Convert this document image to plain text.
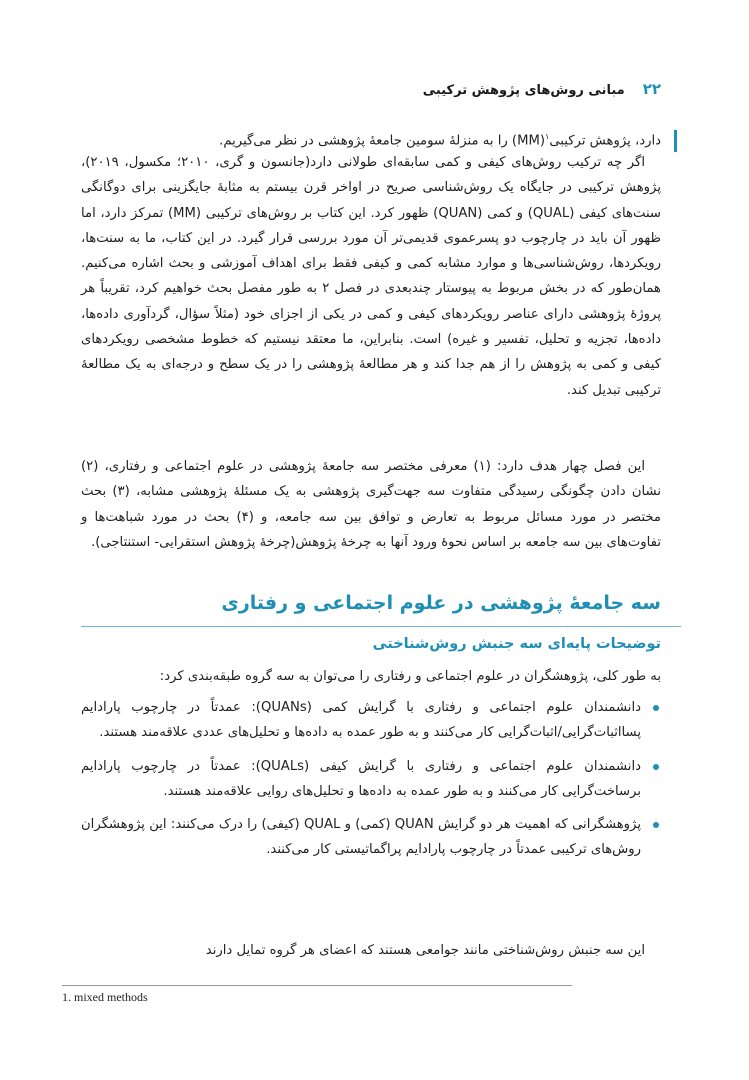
۲۲
مبانی روش‌های پژوهش ترکیبی
دارد، پژوهش ترکیبی$^۱$(MM) را به منزلهٔ سومین جامعهٔ پژوهشی در نظر می‌گیریم.
اگر چه ترکیب روش‌های کیفی و کمی سابقه‌ای طولانی دارد(جانسون و گری، ۲۰۱۰؛ مکسول، ۲۰۱۹)، پژوهش ترکیبی در جایگاه یک روش‌شناسی صریح در اواخر قرن بیستم به مثابهٔ جایگزینی برای دوگانگی سنت‌های کیفی (QUAL) و کمی (QUAN) ظهور کرد. این کتاب بر روش‌های ترکیبی (MM) تمرکز دارد، اما ظهور آن باید در چارچوب دو پسرعموی قدیمی‌تر آن مورد بررسی قرار گیرد. در این کتاب، ما به سنت‌ها، رویکردها، روش‌شناسی‌ها و موارد مشابه کمی و کیفی فقط برای اهداف آموزشی و بحث اشاره می‌کنیم. همان‌طور که در بخش مربوط به پیوستار چندبعدی در فصل ۲ به طور مفصل بحث خواهیم کرد، تقریباً هر پروژهٔ پژوهشی دارای عناصر رویکردهای کیفی و کمی در یکی از اجزای خود (مثلاً سؤال، گردآوری داده‌ها، داده‌ها، تجزیه و تحلیل، تفسیر و غیره) است. بنابراین، ما معتقد نیستیم که خطوط مشخصی رویکردهای کیفی و کمی به پژوهش را از هم جدا کند و هر مطالعهٔ پژوهشی را در یک سطح و درجه‌ای به یک مطالعهٔ ترکیبی تبدیل کند.
این فصل چهار هدف دارد: (۱) معرفی مختصر سه جامعهٔ پژوهشی در علوم اجتماعی و رفتاری، (۲) نشان دادن چگونگی رسیدگی متفاوت سه جهت‌گیری پژوهشی به یک مسئلهٔ پژوهشی مشابه، (۳) بحث مختصر در مورد مسائل مربوط به تعارض و توافق بین سه جامعه، و (۴) بحث در مورد شباهت‌ها و تفاوت‌های بین سه جامعه بر اساس نحوهٔ ورود آنها به چرخهٔ پژوهش(چرخهٔ پژوهش استقرایی- استنتاجی).
سه جامعهٔ پژوهشی در علوم اجتماعی و رفتاری
توضیحات پایه‌ای سه جنبش روش‌شناختی
به طور کلی، پژوهشگران در علوم اجتماعی و رفتاری را می‌توان به سه گروه طبقه‌بندی کرد:
دانشمندان علوم اجتماعی و رفتاری با گرایش کمی (QUANs): عمدتاً در چارچوب پارادایم پسااثبات‌گرایی/اثبات‌گرایی کار می‌کنند و به طور عمده به داده‌ها و تحلیل‌های عددی علاقه‌مند هستند.
دانشمندان علوم اجتماعی و رفتاری با گرایش کیفی (QUALs): عمدتاً در چارچوب پارادایم برساخت‌گرایی کار می‌کنند و به طور عمده به داده‌ها و تحلیل‌های روایی علاقه‌مند هستند.
پژوهشگرانی که اهمیت هر دو گرایش QUAN (کمی) و QUAL (کیفی) را درک می‌کنند: این پژوهشگران روش‌های ترکیبی عمدتاً در چارچوب پارادایم پراگماتیستی کار می‌کنند.
این سه جنبش روش‌شناختی مانند جوامعی هستند که اعضای هر گروه تمایل دارند
1. mixed methods
